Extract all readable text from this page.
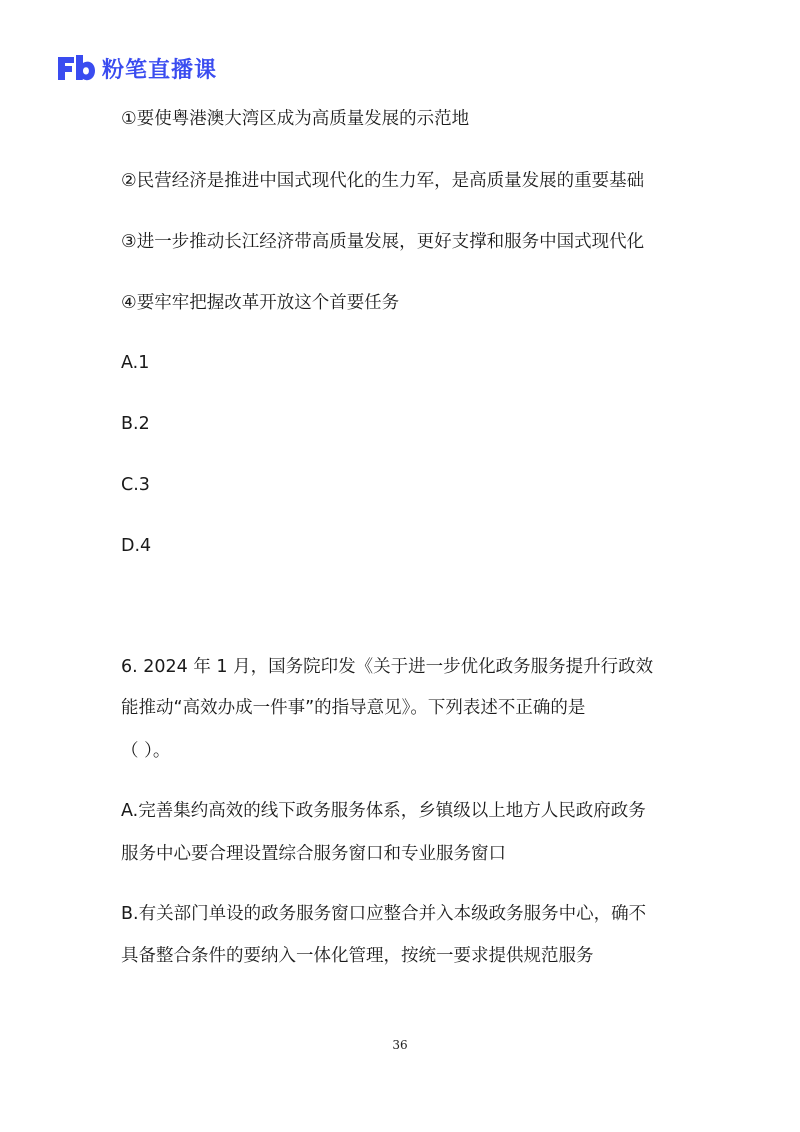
粉笔直播课
①要使粤港澳大湾区成为高质量发展的示范地
②民营经济是推进中国式现代化的生力军，是高质量发展的重要基础
③进一步推动长江经济带高质量发展，更好支撑和服务中国式现代化
④要牢牢把握改革开放这个首要任务
A.1
B.2
C.3
D.4
6. 2024 年 1 月，国务院印发《关于进一步优化政务服务提升行政效
能推动“高效办成一件事”的指导意见》。下列表述不正确的是
（ ）。
A.完善集约高效的线下政务服务体系，乡镇级以上地方人民政府政务
服务中心要合理设置综合服务窗口和专业服务窗口
B.有关部门单设的政务服务窗口应整合并入本级政务服务中心，确不
具备整合条件的要纳入一体化管理，按统一要求提供规范服务
36
